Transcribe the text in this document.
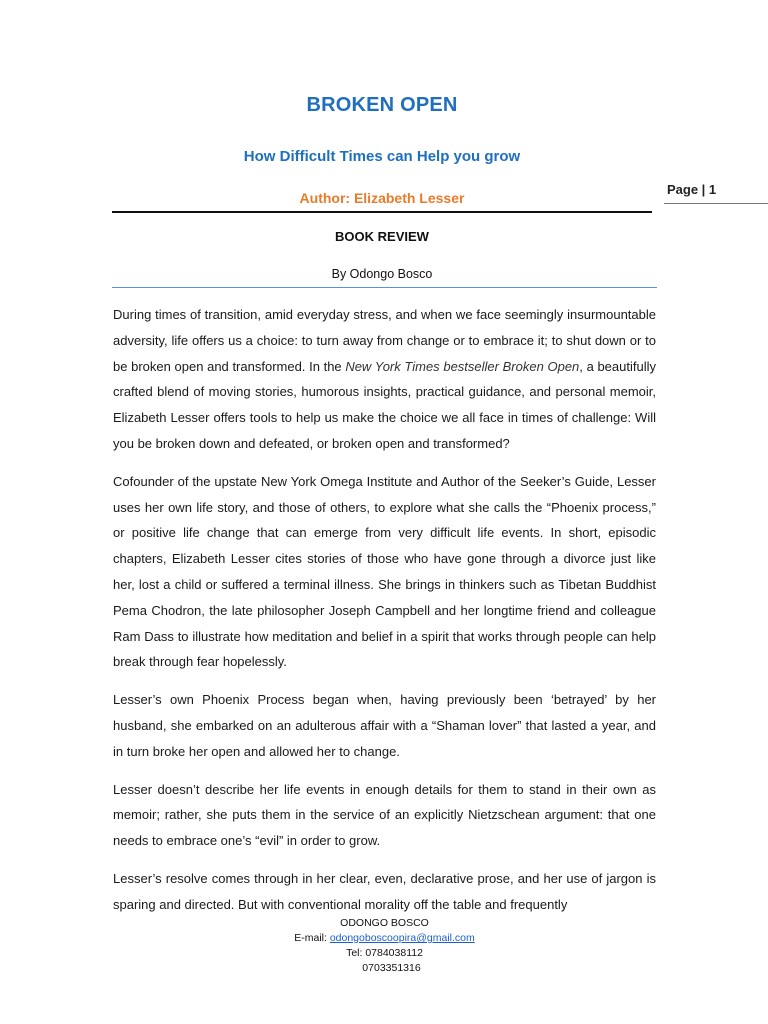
BROKEN OPEN
How Difficult Times can Help you grow
Author: Elizabeth Lesser
Page | 1
BOOK REVIEW
By Odongo Bosco

During times of transition, amid everyday stress, and when we face seemingly insurmountable adversity, life offers us a choice: to turn away from change or to embrace it; to shut down or to be broken open and transformed. In the New York Times bestseller Broken Open, a beautifully crafted blend of moving stories, humorous insights, practical guidance, and personal memoir, Elizabeth Lesser offers tools to help us make the choice we all face in times of challenge: Will you be broken down and defeated, or broken open and transformed?

Cofounder of the upstate New York Omega Institute and Author of the Seeker’s Guide, Lesser uses her own life story, and those of others, to explore what she calls the “Phoenix process,” or positive life change that can emerge from very difficult life events. In short, episodic chapters, Elizabeth Lesser cites stories of those who have gone through a divorce just like her, lost a child or suffered a terminal illness. She brings in thinkers such as Tibetan Buddhist Pema Chodron, the late philosopher Joseph Campbell and her longtime friend and colleague Ram Dass to illustrate how meditation and belief in a spirit that works through people can help break through fear hopelessly.

Lesser’s own Phoenix Process began when, having previously been ‘betrayed’ by her husband, she embarked on an adulterous affair with a “Shaman lover” that lasted a year, and in turn broke her open and allowed her to change.

Lesser doesn’t describe her life events in enough details for them to stand in their own as memoir; rather, she puts them in the service of an explicitly Nietzschean argument: that one needs to embrace one’s “evil” in order to grow.

Lesser’s resolve comes through in her clear, even, declarative prose, and her use of jargon is sparing and directed. But with conventional morality off the table and frequently

ODONGO BOSCO
E-mail: odongoboscoopira@gmail.com
Tel: 0784038112
0703351316
